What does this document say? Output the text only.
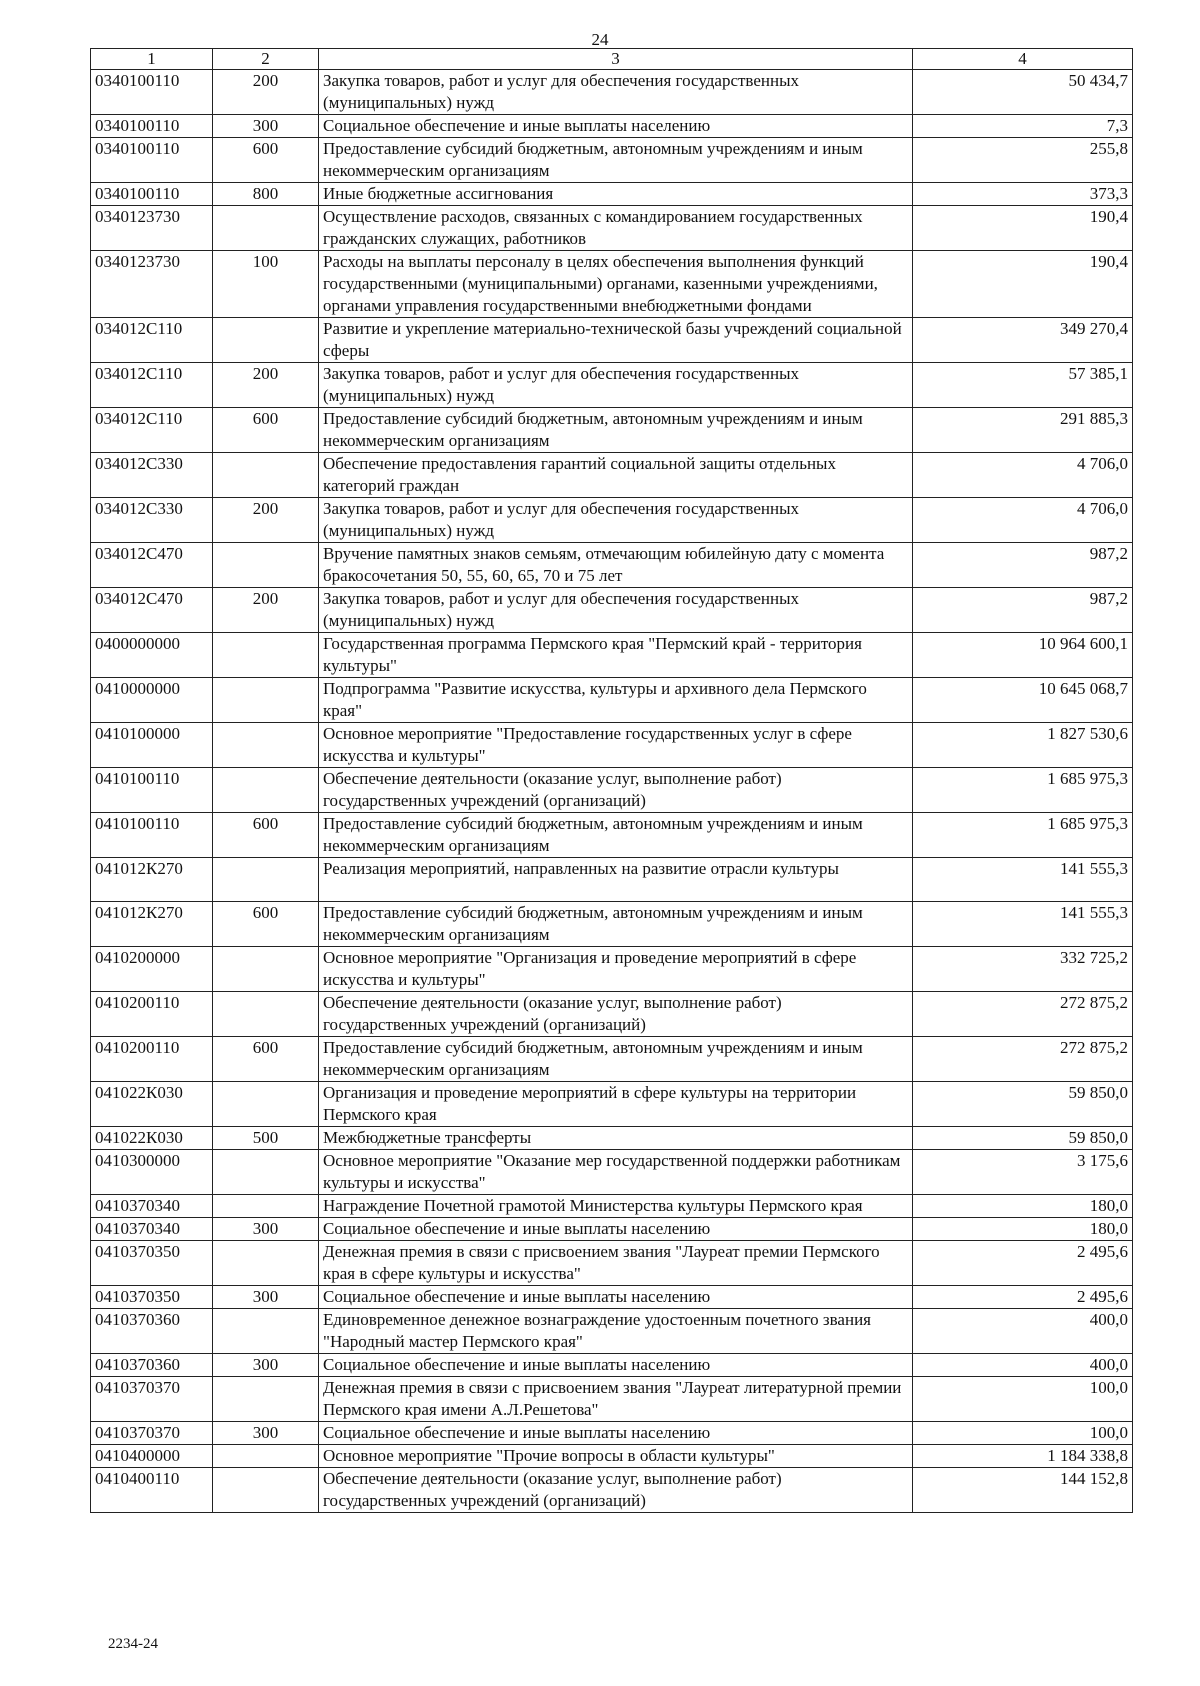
24
1	2	3	4
0340100110	200	Закупка товаров, работ и услуг для обеспечения государственных (муниципальных) нужд	50 434,7
0340100110	300	Социальное обеспечение и иные выплаты населению	7,3
0340100110	600	Предоставление субсидий бюджетным, автономным учреждениям и иным некоммерческим организациям	255,8
0340100110	800	Иные бюджетные ассигнования	373,3
0340123730		Осуществление расходов, связанных с командированием государственных гражданских служащих, работников	190,4
0340123730	100	Расходы на выплаты персоналу в целях обеспечения выполнения функций государственными (муниципальными) органами, казенными учреждениями, органами управления государственными внебюджетными фондами	190,4
034012С110		Развитие и укрепление материально-технической базы учреждений социальной сферы	349 270,4
034012С110	200	Закупка товаров, работ и услуг для обеспечения государственных (муниципальных) нужд	57 385,1
034012С110	600	Предоставление субсидий бюджетным, автономным учреждениям и иным некоммерческим организациям	291 885,3
034012С330		Обеспечение предоставления гарантий социальной защиты отдельных категорий граждан	4 706,0
034012С330	200	Закупка товаров, работ и услуг для обеспечения государственных (муниципальных) нужд	4 706,0
034012С470		Вручение памятных знаков семьям, отмечающим юбилейную дату с момента бракосочетания 50, 55, 60, 65, 70 и 75 лет	987,2
034012С470	200	Закупка товаров, работ и услуг для обеспечения государственных (муниципальных) нужд	987,2
0400000000		Государственная программа Пермского края "Пермский край - территория культуры"	10 964 600,1
0410000000		Подпрограмма "Развитие искусства, культуры и архивного дела Пермского края"	10 645 068,7
0410100000		Основное мероприятие "Предоставление государственных услуг в сфере искусства и культуры"	1 827 530,6
0410100110		Обеспечение деятельности (оказание услуг, выполнение работ) государственных учреждений (организаций)	1 685 975,3
0410100110	600	Предоставление субсидий бюджетным, автономным учреждениям и иным некоммерческим организациям	1 685 975,3
041012К270		Реализация мероприятий, направленных на развитие отрасли культуры	141 555,3
041012К270	600	Предоставление субсидий бюджетным, автономным учреждениям и иным некоммерческим организациям	141 555,3
0410200000		Основное мероприятие "Организация и проведение мероприятий в сфере искусства и культуры"	332 725,2
0410200110		Обеспечение деятельности (оказание услуг, выполнение работ) государственных учреждений (организаций)	272 875,2
0410200110	600	Предоставление субсидий бюджетным, автономным учреждениям и иным некоммерческим организациям	272 875,2
041022К030		Организация и проведение мероприятий в сфере культуры на территории Пермского края	59 850,0
041022К030	500	Межбюджетные трансферты	59 850,0
0410300000		Основное мероприятие "Оказание мер государственной поддержки работникам культуры и искусства"	3 175,6
0410370340		Награждение Почетной грамотой Министерства культуры Пермского края	180,0
0410370340	300	Социальное обеспечение и иные выплаты населению	180,0
0410370350		Денежная премия в связи с присвоением звания "Лауреат премии Пермского края в сфере культуры и искусства"	2 495,6
0410370350	300	Социальное обеспечение и иные выплаты населению	2 495,6
0410370360		Единовременное денежное вознаграждение удостоенным почетного звания "Народный мастер Пермского края"	400,0
0410370360	300	Социальное обеспечение и иные выплаты населению	400,0
0410370370		Денежная премия в связи с присвоением звания "Лауреат литературной премии Пермского края имени А.Л.Решетова"	100,0
0410370370	300	Социальное обеспечение и иные выплаты населению	100,0
0410400000		Основное мероприятие "Прочие вопросы в области культуры"	1 184 338,8
0410400110		Обеспечение деятельности (оказание услуг, выполнение работ) государственных учреждений (организаций)	144 152,8
2234-24
